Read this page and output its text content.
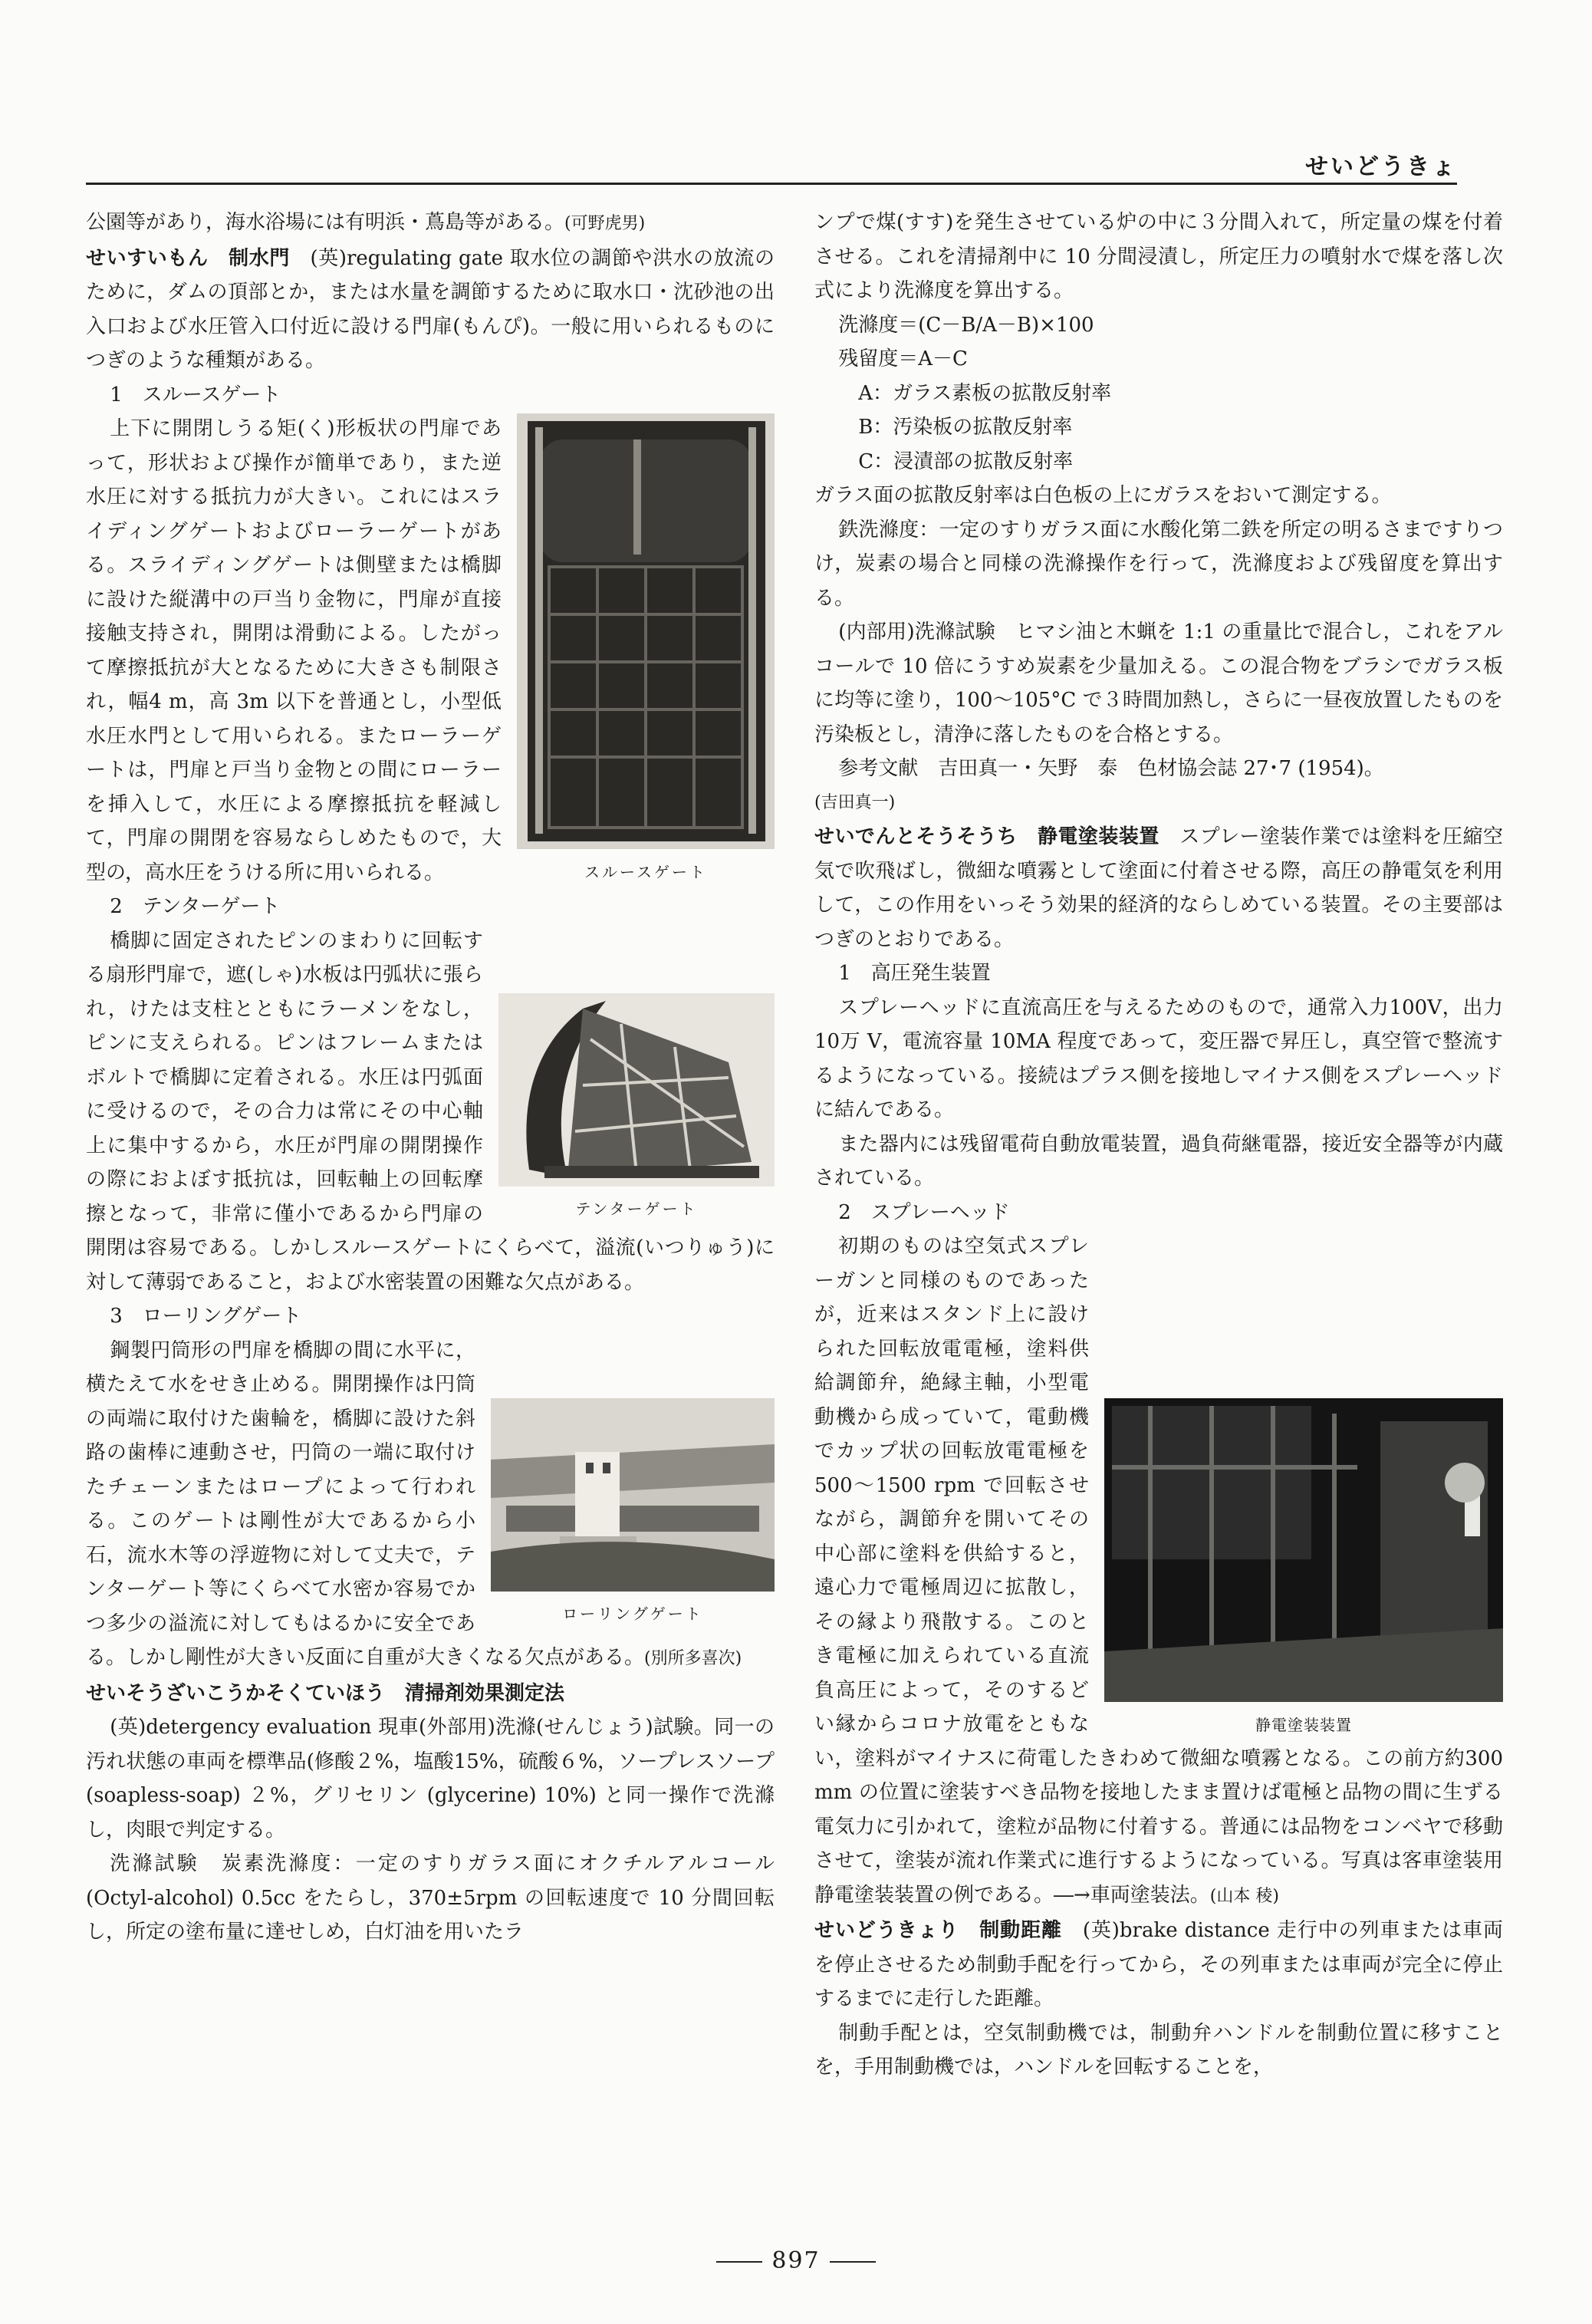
せいどうきょ

公園等があり，海水浴場には有明浜・蔦島等がある。(可野虎男)

せいすいもん　制水門　 (英)regulating gate 取水位の調節や洪水の放流のために，ダムの頂部とか，または水量を調節するために取水口・沈砂池の出入口および水圧管入口付近に設ける門扉(もんぴ)。一般に用いられるものにつぎのような種類がある。

1　スルースゲート

スルースゲート

上下に開閉しうる矩(く)形板状の門扉であって，形状および操作が簡単であり，また逆水圧に対する抵抗力が大きい。これにはスライディングゲートおよびローラーゲートがある。スライディングゲートは側壁または橋脚に設けた縦溝中の戸当り金物に，門扉が直接接触支持され，開閉は滑動による。したがって摩擦抵抗が大となるために大きさも制限され，幅4 m，高 3m 以下を普通とし，小型低水圧水門として用いられる。またローラーゲートは，門扉と戸当り金物との間にローラーを挿入して，水圧による摩擦抵抗を軽減して，門扉の開閉を容易ならしめたもので，大型の，高水圧をうける所に用いられる。

2　テンターゲート

テンターゲート

橋脚に固定されたピンのまわりに回転する扇形門扉で，遮(しゃ)水板は円弧状に張られ，けたは支柱とともにラーメンをなし，ピンに支えられる。ピンはフレームまたはボルトで橋脚に定着される。水圧は円弧面に受けるので，その合力は常にその中心軸上に集中するから，水圧が門扉の開閉操作の際におよぼす抵抗は，回転軸上の回転摩擦となって，非常に僅小であるから門扉の開閉は容易である。しかしスルースゲートにくらべて，溢流(いつりゅう)に対して薄弱であること，および水密装置の困難な欠点がある。

3　ローリングゲート

ローリングゲート

鋼製円筒形の門扉を橋脚の間に水平に，横たえて水をせき止める。開閉操作は円筒の両端に取付けた歯輪を，橋脚に設けた斜路の歯棒に連動させ，円筒の一端に取付けたチェーンまたはロープによって行われる。このゲートは剛性が大であるから小石，流水木等の浮遊物に対して丈夫で，テンターゲート等にくらべて水密か容易でかつ多少の溢流に対してもはるかに安全である。しかし剛性が大きい反面に自重が大きくなる欠点がある。(別所多喜次)

せいそうざいこうかそくていほう　清掃剤効果測定法

(英)detergency evaluation 現車(外部用)洗滌(せんじょう)試験。同一の汚れ状態の車両を標準品(修酸２%，塩酸15%，硫酸６%，ソープレスソープ (soapless-soap) ２%，グリセリン (glycerine) 10%) と同一操作で洗滌し，肉眼で判定する。

洗滌試験　炭素洗滌度：一定のすりガラス面にオクチルアルコール (Octyl-alcohol) 0.5cc をたらし，370±5rpm の回転速度で 10 分間回転し，所定の塗布量に達せしめ，白灯油を用いたラ

ンプで煤(すす)を発生させている炉の中に３分間入れて，所定量の煤を付着させる。これを清掃剤中に 10 分間浸漬し，所定圧力の噴射水で煤を落し次式により洗滌度を算出する。

洗滌度＝(C－B/A－B)×100

残留度＝A－C

A：ガラス素板の拡散反射率

B：汚染板の拡散反射率

C：浸漬部の拡散反射率

ガラス面の拡散反射率は白色板の上にガラスをおいて測定する。

鉄洗滌度：一定のすりガラス面に水酸化第二鉄を所定の明るさまですりつけ，炭素の場合と同様の洗滌操作を行って，洗滌度および残留度を算出する。

(内部用)洗滌試験　ヒマシ油と木蝋を 1:1 の重量比で混合し，これをアルコールで 10 倍にうすめ炭素を少量加える。この混合物をブラシでガラス板に均等に塗り，100～105°C で３時間加熱し，さらに一昼夜放置したものを汚染板とし，清浄に落したものを合格とする。

参考文献　吉田真一・矢野　泰　色材協会誌 27･7 (1954)。

(吉田真一)

せいでんとそうそうち　静電塗装装置　 スプレー塗装作業では塗料を圧縮空気で吹飛ばし，微細な噴霧として塗面に付着させる際，高圧の静電気を利用して，この作用をいっそう効果的経済的ならしめている装置。その主要部はつぎのとおりである。

1　高圧発生装置

スプレーヘッドに直流高圧を与えるためのもので，通常入力100V，出力10万 V，電流容量 10MA 程度であって，変圧器で昇圧し，真空管で整流するようになっている。接続はプラス側を接地しマイナス側をスプレーヘッドに結んである。

また器内には残留電荷自動放電装置，過負荷継電器，接近安全器等が内蔵されている。

2　スプレーヘッド

静電塗装装置

初期のものは空気式スプレーガンと同様のものであったが，近来はスタンド上に設けられた回転放電電極，塗料供給調節弁，絶縁主軸，小型電動機から成っていて，電動機でカップ状の回転放電電極を 500～1500 rpm で回転させながら，調節弁を開いてその中心部に塗料を供給すると，遠心力で電極周辺に拡散し，その縁より飛散する。このとき電極に加えられている直流負高圧によって，そのするどい縁からコロナ放電をともない，塗料がマイナスに荷電したきわめて微細な噴霧となる。この前方約300 mm の位置に塗装すべき品物を接地したまま置けば電極と品物の間に生ずる電気力に引かれて，塗粒が品物に付着する。普通には品物をコンベヤで移動させて，塗装が流れ作業式に進行するようになっている。写真は客車塗装用静電塗装装置の例である。―→車両塗装法。(山本 稜)

せいどうきょり　制動距離　 (英)brake distance 走行中の列車または車両を停止させるため制動手配を行ってから，その列車または車両が完全に停止するまでに走行した距離。

制動手配とは，空気制動機では，制動弁ハンドルを制動位置に移すことを，手用制動機では，ハンドルを回転することを，

897
